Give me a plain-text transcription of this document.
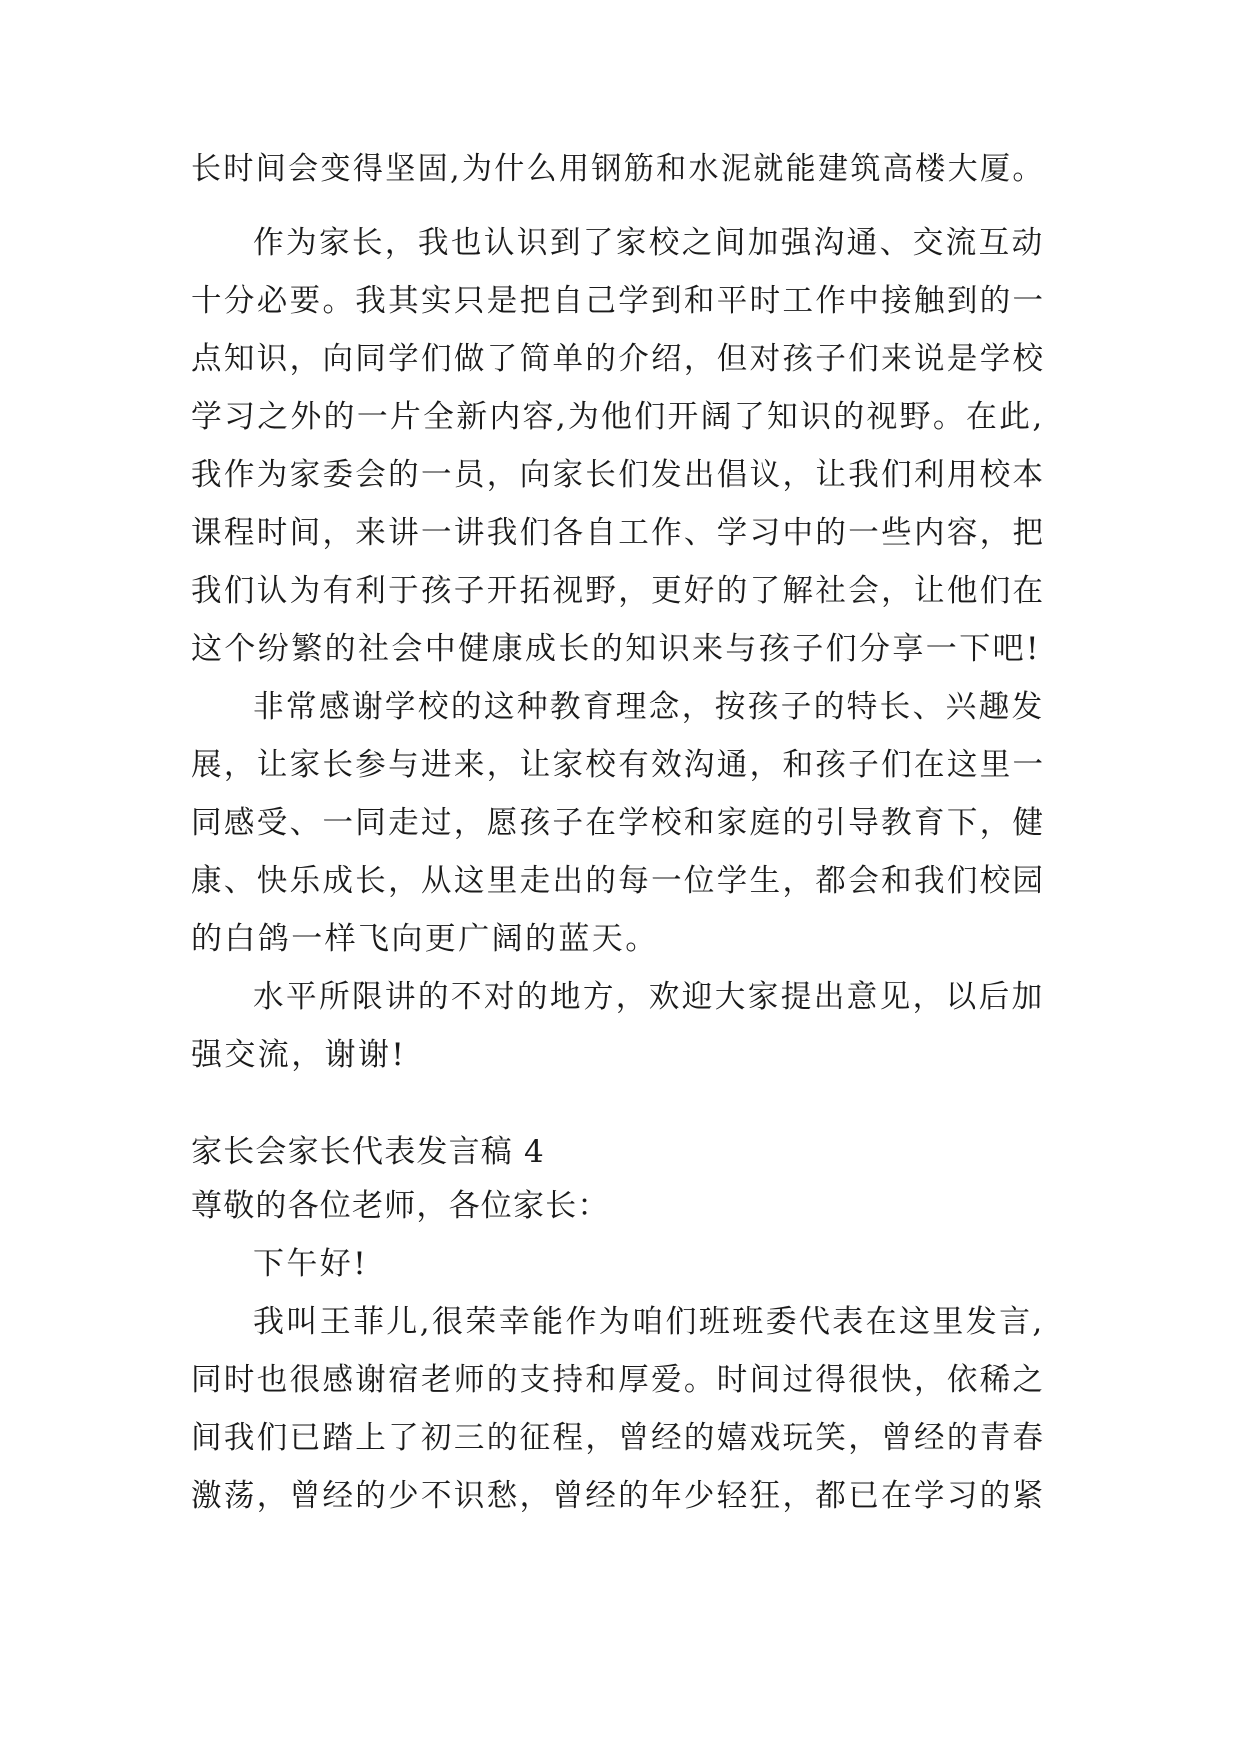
长时间会变得坚固,为什么用钢筋和水泥就能建筑高楼大厦。
作为家长，我也认识到了家校之间加强沟通、交流互动
十分必要。我其实只是把自己学到和平时工作中接触到的一
点知识，向同学们做了简单的介绍，但对孩子们来说是学校
学习之外的一片全新内容,为他们开阔了知识的视野。在此,
我作为家委会的一员，向家长们发出倡议，让我们利用校本
课程时间，来讲一讲我们各自工作、学习中的一些内容，把
我们认为有利于孩子开拓视野，更好的了解社会，让他们在
这个纷繁的社会中健康成长的知识来与孩子们分享一下吧!
非常感谢学校的这种教育理念，按孩子的特长、兴趣发
展，让家长参与进来，让家校有效沟通，和孩子们在这里一
同感受、一同走过，愿孩子在学校和家庭的引导教育下，健
康、快乐成长，从这里走出的每一位学生，都会和我们校园
的白鸽一样飞向更广阔的蓝天。
水平所限讲的不对的地方，欢迎大家提出意见，以后加
强交流，谢谢!
家长会家长代表发言稿 4
尊敬的各位老师，各位家长：
下午好!
我叫王菲儿,很荣幸能作为咱们班班委代表在这里发言,
同时也很感谢宿老师的支持和厚爱。时间过得很快，依稀之
间我们已踏上了初三的征程，曾经的嬉戏玩笑，曾经的青春
激荡，曾经的少不识愁，曾经的年少轻狂，都已在学习的紧
